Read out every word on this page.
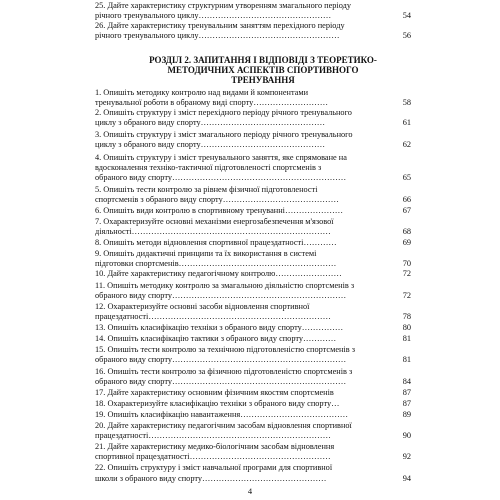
РОЗДІЛ 2. ЗАПИТАННЯ І ВІДПОВІДІ З ТЕОРЕТИКО-
МЕТОДИЧНИХ АСПЕКТІВ СПОРТИВНОГО
ТРЕНУВАННЯ
25. Дайте характеристику структурним утворенням змагального періоду
річного тренувального циклу…………………………………………	54
26. Дайте характеристику тренувальним заняттям перехідного періоду
річного тренувального циклу……………………………………………	56
1. Опишіть методику контролю над видами й компонентами
тренувальної роботи в обраному виді спорту………………………	58
2. Опишіть структуру і зміст перехідного періоду річного тренувального
циклу з обраного виду спорту………………………………………	61
3. Опишіть структуру і зміст змагального періоду річного тренувального
циклу з обраного виду спорту………………………………………	62
4. Опишіть структуру і зміст тренувального заняття, яке спрямоване на
вдосконалення техніко-тактичної підготовленості спортсменів з
обраного виду спорту………………………………………………………	65
5. Опишіть тести контролю за рівнем фізичної підготовленості
спортсменів з обраного виду спорту……………………………………	66
6. Опишіть види контролю в спортивному тренуванні…………………	67
7. Охарактеризуйте основні механізми енергозабезпечення м'язової
діяльності………………………………………………………………	68
8. Опишіть методи відновлення спортивної працездатності…………	69
9. Опишіть дидактичні принципи та їх використання в системі
підготовки спортсменів…………………………………………………	70
10. Дайте характеристику педагогічному контролю……………………	72
11. Опишіть методику контролю за змагальною діяльністю спортсменів з
обраного виду спорту………………………………………………………	72
12. Охарактеризуйте основні засоби відновлення спортивної
працездатності…………………………………………………………	78
13. Опишіть класифікацію техніки з обраного виду спорту……………	80
14. Опишіть класифікацію тактики з обраного виду спорту…………	81
15. Опишіть тести контролю за технічною підготовленістю спортсменів з
обраного виду спорту………………………………………………………	81
16. Опишіть тести контролю за фізичною підготовленістю спортсменів з
обраного виду спорту………………………………………………………	84
17. Дайте характеристику основним фізичним якостям спортсменів	87
18. Охарактеризуйте класифікацію техніки з обраного виду спорту…	87
19. Опишіть класифікацію навантаження…………………………………	89
20. Дайте характеристику педагогічним засобам відновлення спортивної
працездатності…………………………………………………………	90
21. Дайте характеристику медико-біологічним засобам відновлення
спортивної працездатності……………………………………………	92
22. Опишіть структуру і зміст навчальної програми для спортивної
школи з обраного виду спорту………………………………………	94
4
